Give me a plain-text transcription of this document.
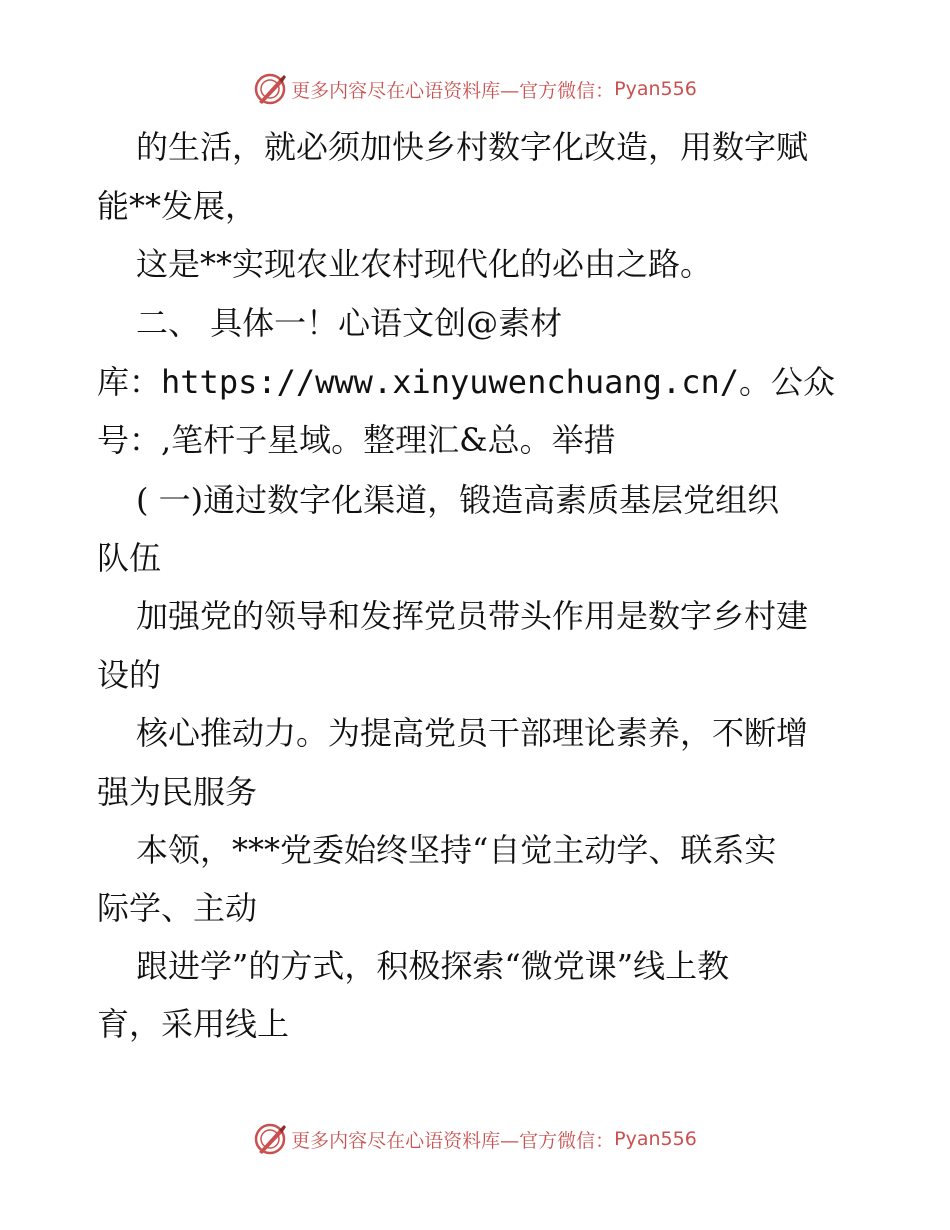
更多内容尽在心语资料库—官方微信： Pyan556
的生活，就必须加快乡村数字化改造，用数字赋
能**发展，
这是**实现农业农村现代化的必由之路。
二、 具体一！心语文创@素材
库：https://www.xinyuwenchuang.cn/。公众
号：,笔杆子星域。整理汇&总。举措
( 一)通过数字化渠道，锻造高素质基层党组织
队伍
加强党的领导和发挥党员带头作用是数字乡村建
设的
核心推动力。为提高党员干部理论素养，不断增
强为民服务
本领，***党委始终坚持“自觉主动学、联系实
际学、主动
跟进学”的方式，积极探索“微党课”线上教
育，采用线上
更多内容尽在心语资料库—官方微信： Pyan556
